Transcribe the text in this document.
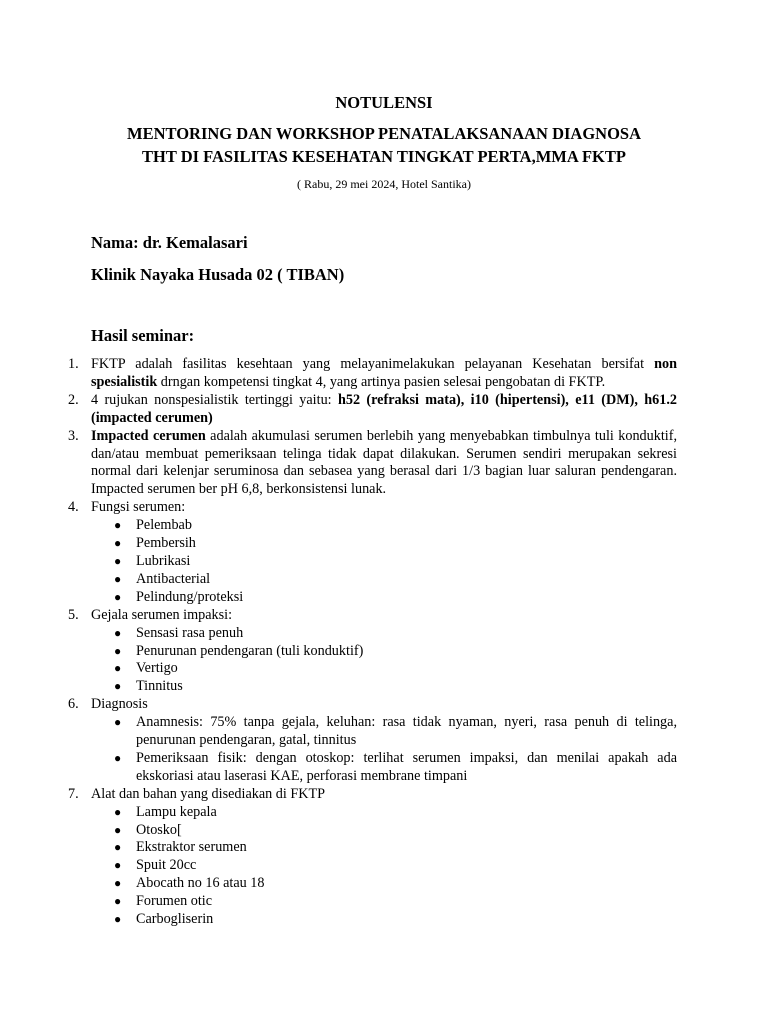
NOTULENSI
MENTORING DAN WORKSHOP PENATALAKSANAAN DIAGNOSA
THT DI FASILITAS KESEHATAN TINGKAT PERTA,MMA FKTP
( Rabu, 29 mei 2024, Hotel Santika)
Nama: dr. Kemalasari
Klinik Nayaka Husada 02 ( TIBAN)
Hasil seminar:
1. FKTP adalah fasilitas kesehtaan yang melayanimelakukan pelayanan Kesehatan bersifat non spesialistik drngan kompetensi tingkat 4, yang artinya pasien selesai pengobatan di FKTP.
2. 4 rujukan nonspesialistik tertinggi yaitu: h52 (refraksi mata), i10 (hipertensi), e11 (DM), h61.2 (impacted cerumen)
3. Impacted cerumen adalah akumulasi serumen berlebih yang menyebabkan timbulnya tuli konduktif, dan/atau membuat pemeriksaan telinga tidak dapat dilakukan. Serumen sendiri merupakan sekresi normal dari kelenjar seruminosa dan sebasea yang berasal dari 1/3 bagian luar saluran pendengaran. Impacted serumen ber pH 6,8, berkonsistensi lunak.
4. Fungsi serumen:
● Pelembab
● Pembersih
● Lubrikasi
● Antibacterial
● Pelindung/proteksi
5. Gejala serumen impaksi:
● Sensasi rasa penuh
● Penurunan pendengaran (tuli konduktif)
● Vertigo
● Tinnitus
6. Diagnosis
● Anamnesis: 75% tanpa gejala, keluhan: rasa tidak nyaman, nyeri, rasa penuh di telinga, penurunan pendengaran, gatal, tinnitus
● Pemeriksaan fisik: dengan otoskop: terlihat serumen impaksi, dan menilai apakah ada ekskoriasi atau laserasi KAE, perforasi membrane timpani
7. Alat dan bahan yang disediakan di FKTP
● Lampu kepala
● Otosko[
● Ekstraktor serumen
● Spuit 20cc
● Abocath no 16 atau 18
● Forumen otic
● Carbogliserin
